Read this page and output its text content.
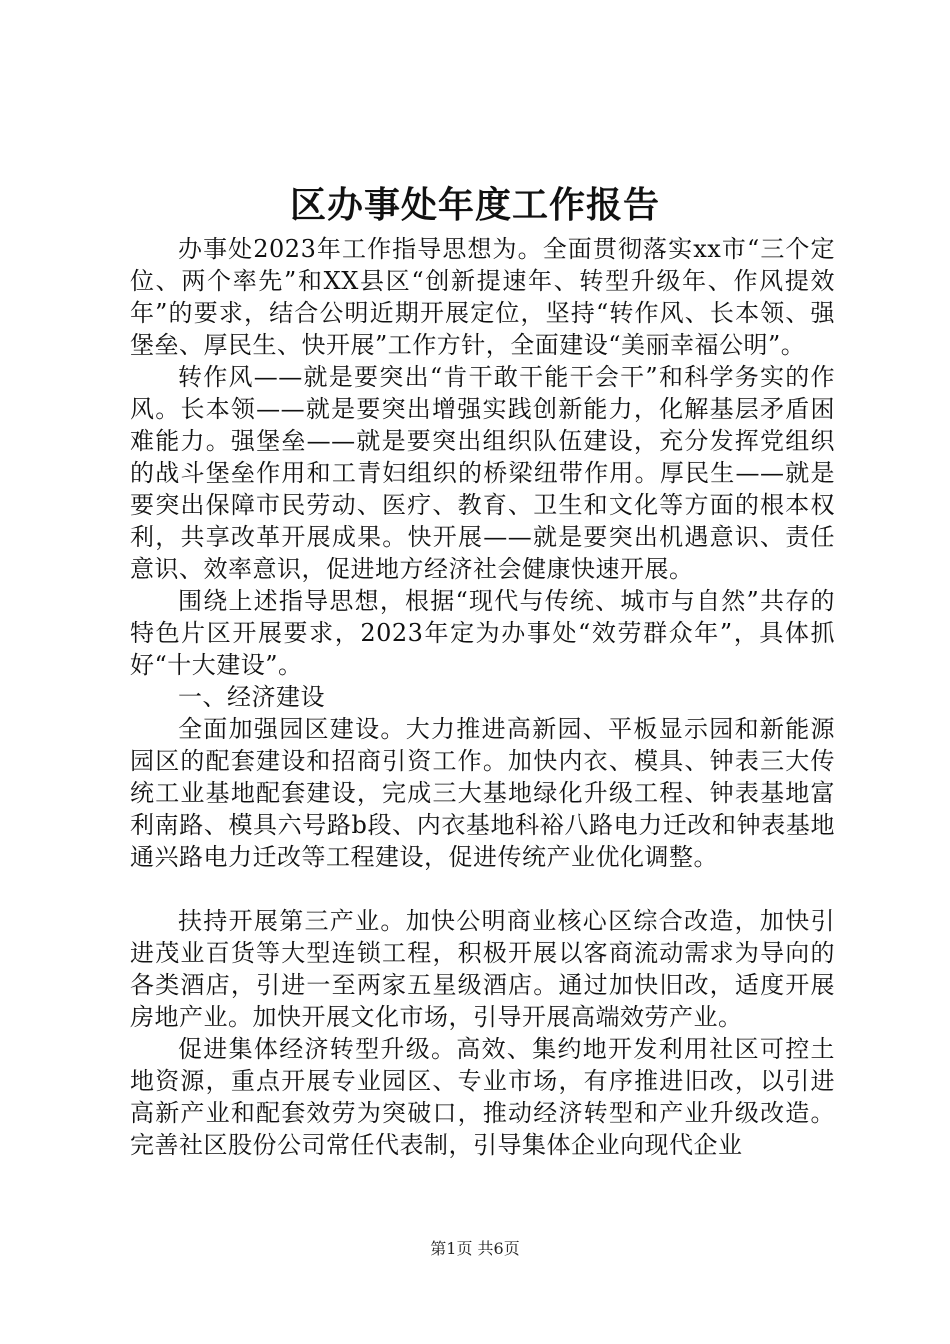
区办事处年度工作报告

办事处2023年工作指导思想为。全面贯彻落实xx市“三个定位、两个率先”和XX县区“创新提速年、转型升级年、作风提效年”的要求，结合公明近期开展定位，坚持“转作风、长本领、强堡垒、厚民生、快开展”工作方针，全面建设“美丽幸福公明”。

转作风——就是要突出“肯干敢干能干会干”和科学务实的作风。长本领——就是要突出增强实践创新能力，化解基层矛盾困难能力。强堡垒——就是要突出组织队伍建设，充分发挥党组织的战斗堡垒作用和工青妇组织的桥梁纽带作用。厚民生——就是要突出保障市民劳动、医疗、教育、卫生和文化等方面的根本权利，共享改革开展成果。快开展——就是要突出机遇意识、责任意识、效率意识，促进地方经济社会健康快速开展。

围绕上述指导思想，根据“现代与传统、城市与自然”共存的特色片区开展要求，2023年定为办事处“效劳群众年”，具体抓好“十大建设”。

一、经济建设

全面加强园区建设。大力推进高新园、平板显示园和新能源园区的配套建设和招商引资工作。加快内衣、模具、钟表三大传统工业基地配套建设，完成三大基地绿化升级工程、钟表基地富利南路、模具六号路b段、内衣基地科裕八路电力迁改和钟表基地通兴路电力迁改等工程建设，促进传统产业优化调整。

扶持开展第三产业。加快公明商业核心区综合改造，加快引进茂业百货等大型连锁工程，积极开展以客商流动需求为导向的各类酒店，引进一至两家五星级酒店。通过加快旧改，适度开展房地产业。加快开展文化市场，引导开展高端效劳产业。

促进集体经济转型升级。高效、集约地开发利用社区可控土地资源，重点开展专业园区、专业市场，有序推进旧改，以引进高新产业和配套效劳为突破口，推动经济转型和产业升级改造。完善社区股份公司常任代表制，引导集体企业向现代企业

第1页 共6页
